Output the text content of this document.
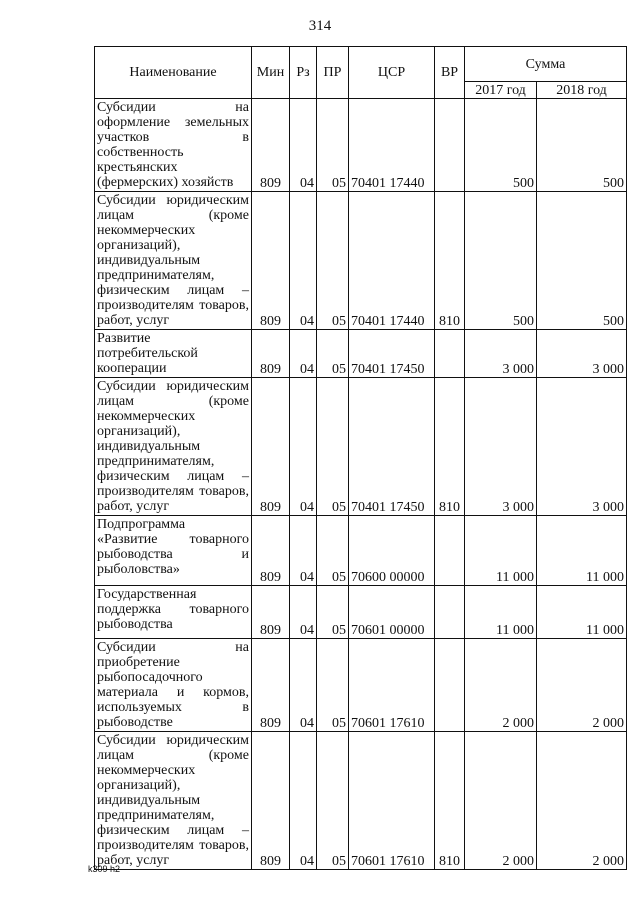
314
Наименование	Мин	Рз	ПР	ЦСР	ВР	Сумма	
						2017 год	2018 год
Субсидии на оформление земельных участков в собственность крестьянских (фермерских) хозяйств	809	04	05	70401 17440		500	500
Субсидии юридическим лицам (кроме некоммерческих организаций), индивидуальным предпринимателям, физическим лицам – производителям товаров, работ, услуг	809	04	05	70401 17440	810	500	500
Развитие потребительской кооперации	809	04	05	70401 17450		3 000	3 000
Субсидии юридическим лицам (кроме некоммерческих организаций), индивидуальным предпринимателям, физическим лицам – производителям товаров, работ, услуг	809	04	05	70401 17450	810	3 000	3 000
Подпрограмма «Развитие товарного рыбоводства и рыболовства»	809	04	05	70600 00000		11 000	11 000
Государственная поддержка товарного рыбоводства	809	04	05	70601 00000		11 000	11 000
Субсидии на приобретение рыбопосадочного материала и кормов, используемых в рыбоводстве	809	04	05	70601 17610		2 000	2 000
Субсидии юридическим лицам (кроме некоммерческих организаций), индивидуальным предпринимателям, физическим лицам – производителям товаров, работ, услуг	809	04	05	70601 17610	810	2 000	2 000
k309 h2
